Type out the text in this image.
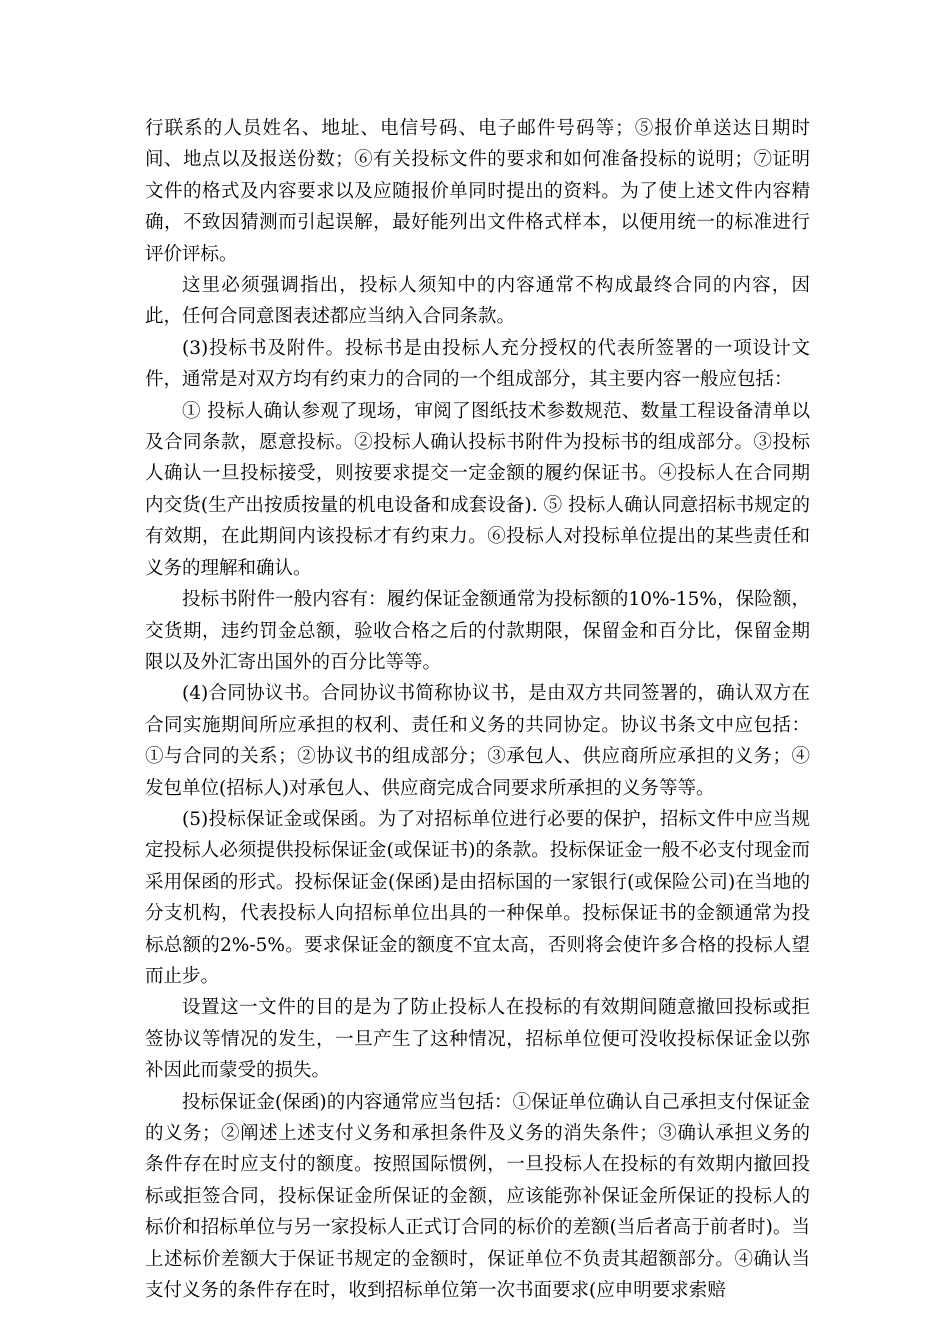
行联系的人员姓名、地址、电信号码、电子邮件号码等；⑤报价单送达日期时间、地点以及报送份数；⑥有关投标文件的要求和如何准备投标的说明；⑦证明文件的格式及内容要求以及应随报价单同时提出的资料。为了使上述文件内容精确，不致因猜测而引起误解，最好能列出文件格式样本，以便用统一的标准进行评价评标。

这里必须强调指出，投标人须知中的内容通常不构成最终合同的内容，因此，任何合同意图表述都应当纳入合同条款。

(3)投标书及附件。投标书是由投标人充分授权的代表所签署的一项设计文件，通常是对双方均有约束力的合同的一个组成部分，其主要内容一般应包括：

① 投标人确认参观了现场，审阅了图纸技术参数规范、数量工程设备清单以及合同条款，愿意投标。②投标人确认投标书附件为投标书的组成部分。③投标人确认一旦投标接受，则按要求提交一定金额的履约保证书。④投标人在合同期内交货(生产出按质按量的机电设备和成套设备). ⑤ 投标人确认同意招标书规定的有效期，在此期间内该投标才有约束力。⑥投标人对投标单位提出的某些责任和义务的理解和确认。

投标书附件一般内容有：履约保证金额通常为投标额的10%-15%，保险额，交货期，违约罚金总额，验收合格之后的付款期限，保留金和百分比，保留金期限以及外汇寄出国外的百分比等等。

(4)合同协议书。合同协议书简称协议书，是由双方共同签署的，确认双方在合同实施期间所应承担的权利、责任和义务的共同协定。协议书条文中应包括：①与合同的关系；②协议书的组成部分；③承包人、供应商所应承担的义务；④发包单位(招标人)对承包人、供应商完成合同要求所承担的义务等等。

(5)投标保证金或保函。为了对招标单位进行必要的保护，招标文件中应当规定投标人必须提供投标保证金(或保证书)的条款。投标保证金一般不必支付现金而采用保函的形式。投标保证金(保函)是由招标国的一家银行(或保险公司)在当地的分支机构，代表投标人向招标单位出具的一种保单。投标保证书的金额通常为投标总额的2%-5%。要求保证金的额度不宜太高，否则将会使许多合格的投标人望而止步。

设置这一文件的目的是为了防止投标人在投标的有效期间随意撤回投标或拒签协议等情况的发生，一旦产生了这种情况，招标单位便可没收投标保证金以弥补因此而蒙受的损失。

投标保证金(保函)的内容通常应当包括：①保证单位确认自己承担支付保证金的义务；②阐述上述支付义务和承担条件及义务的消失条件；③确认承担义务的条件存在时应支付的额度。按照国际惯例，一旦投标人在投标的有效期内撤回投标或拒签合同，投标保证金所保证的金额，应该能弥补保证金所保证的投标人的标价和招标单位与另一家投标人正式订合同的标价的差额(当后者高于前者时)。当上述标价差额大于保证书规定的金额时，保证单位不负责其超额部分。④确认当支付义务的条件存在时，收到招标单位第一次书面要求(应申明要求索赔
